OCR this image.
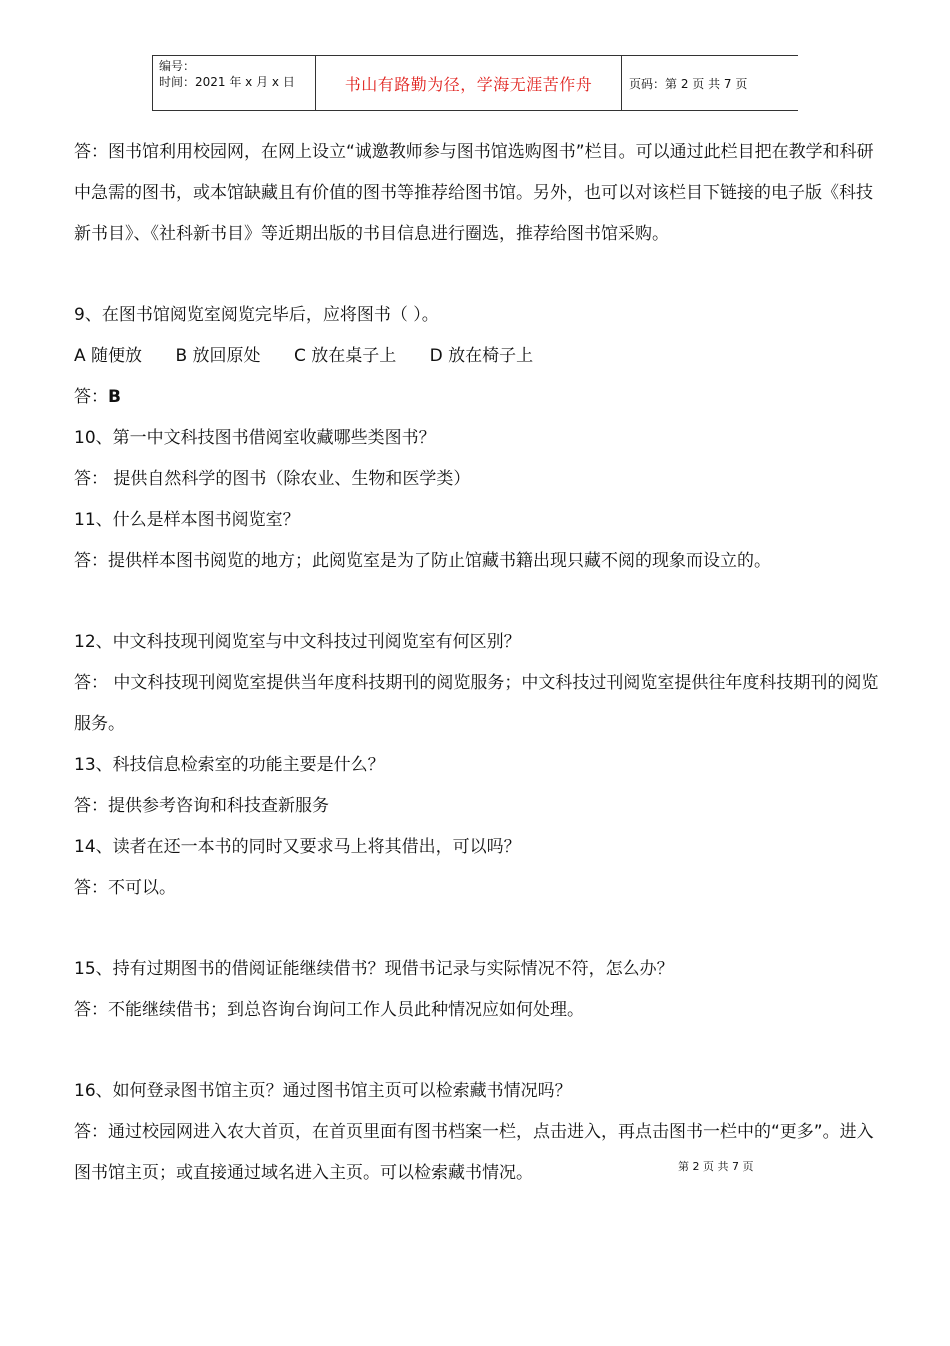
编号：
时间：2021 年 x 月 x 日	书山有路勤为径，学海无涯苦作舟	页码：第 2 页 共 7 页

答：图书馆利用校园网，在网上设立“诚邀教师参与图书馆选购图书”栏目。可以通过此栏目把在教学和科研中急需的图书，或本馆缺藏且有价值的图书等推荐给图书馆。另外，也可以对该栏目下链接的电子版《科技新书目》、《社科新书目》等近期出版的书目信息进行圈选，推荐给图书馆采购。

9、在图书馆阅览室阅览完毕后，应将图书（ ）。

A 随便放 B 放回原处 C 放在桌子上 D 放在椅子上

答：B

10、第一中文科技图书借阅室收藏哪些类图书？

答： 提供自然科学的图书（除农业、生物和医学类）

11、什么是样本图书阅览室？

答：提供样本图书阅览的地方；此阅览室是为了防止馆藏书籍出现只藏不阅的现象而设立的。

12、中文科技现刊阅览室与中文科技过刊阅览室有何区别？

答： 中文科技现刊阅览室提供当年度科技期刊的阅览服务；中文科技过刊阅览室提供往年度科技期刊的阅览服务。

13、科技信息检索室的功能主要是什么？

答：提供参考咨询和科技查新服务

14、读者在还一本书的同时又要求马上将其借出，可以吗？

答：不可以。

15、持有过期图书的借阅证能继续借书？现借书记录与实际情况不符，怎么办？

答：不能继续借书；到总咨询台询问工作人员此种情况应如何处理。

16、如何登录图书馆主页？通过图书馆主页可以检索藏书情况吗？

答：通过校园网进入农大首页，在首页里面有图书档案一栏，点击进入，再点击图书一栏中的“更多”。进入图书馆主页；或直接通过域名进入主页。可以检索藏书情况。	第 2 页 共 7 页
